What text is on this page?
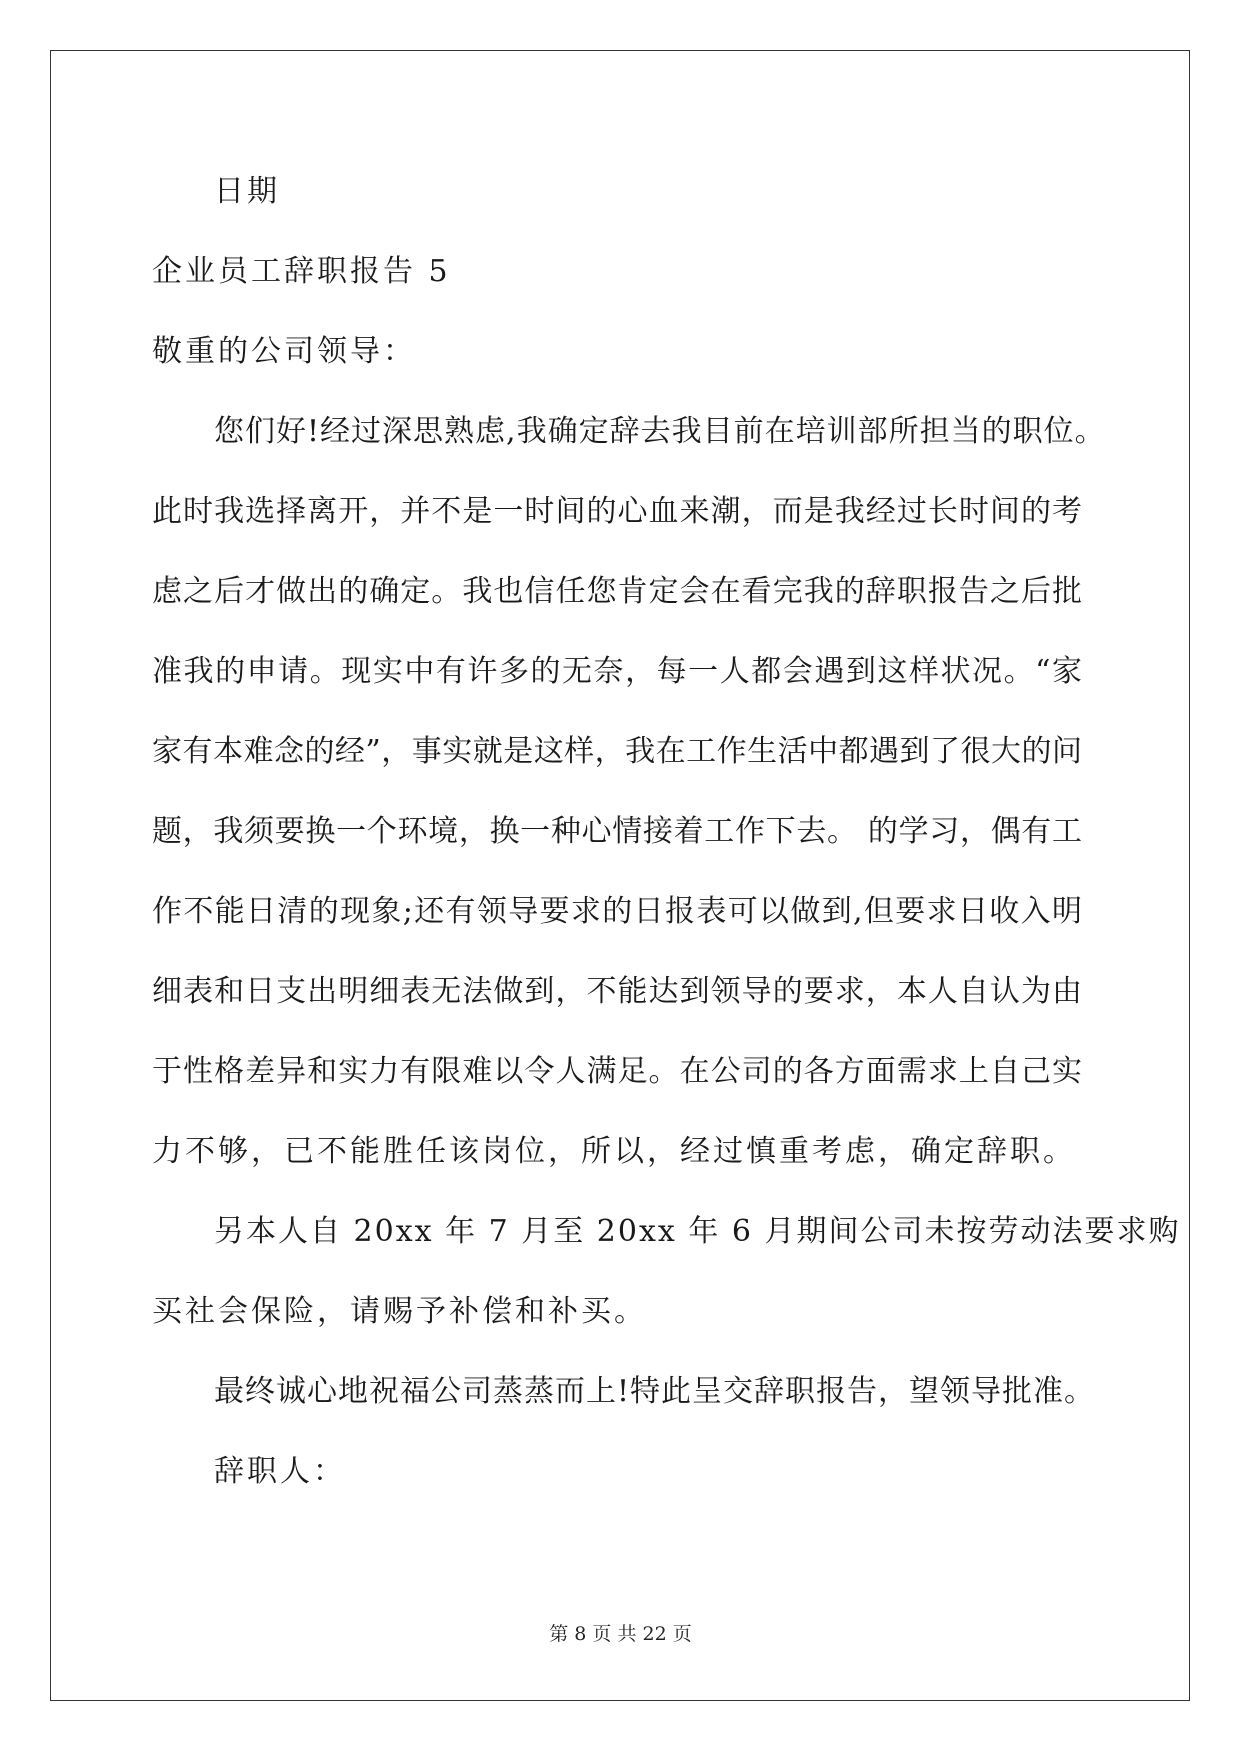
日期
企业员工辞职报告 5
敬重的公司领导：
您们好!经过深思熟虑,我确定辞去我目前在培训部所担当的职位。
此时我选择离开，并不是一时间的心血来潮，而是我经过长时间的考
虑之后才做出的确定。我也信任您肯定会在看完我的辞职报告之后批
准我的申请。现实中有许多的无奈，每一人都会遇到这样状况。“家
家有本难念的经”，事实就是这样，我在工作生活中都遇到了很大的问
题，我须要换一个环境，换一种心情接着工作下去。 的学习，偶有工
作不能日清的现象;还有领导要求的日报表可以做到,但要求日收入明
细表和日支出明细表无法做到，不能达到领导的要求，本人自认为由
于性格差异和实力有限难以令人满足。在公司的各方面需求上自己实
力不够，已不能胜任该岗位，所以，经过慎重考虑，确定辞职。
另本人自 20xx 年 7 月至 20xx 年 6 月期间公司未按劳动法要求购
买社会保险，请赐予补偿和补买。
最终诚心地祝福公司蒸蒸而上!特此呈交辞职报告，望领导批准。
辞职人：
第 8 页 共 22 页
